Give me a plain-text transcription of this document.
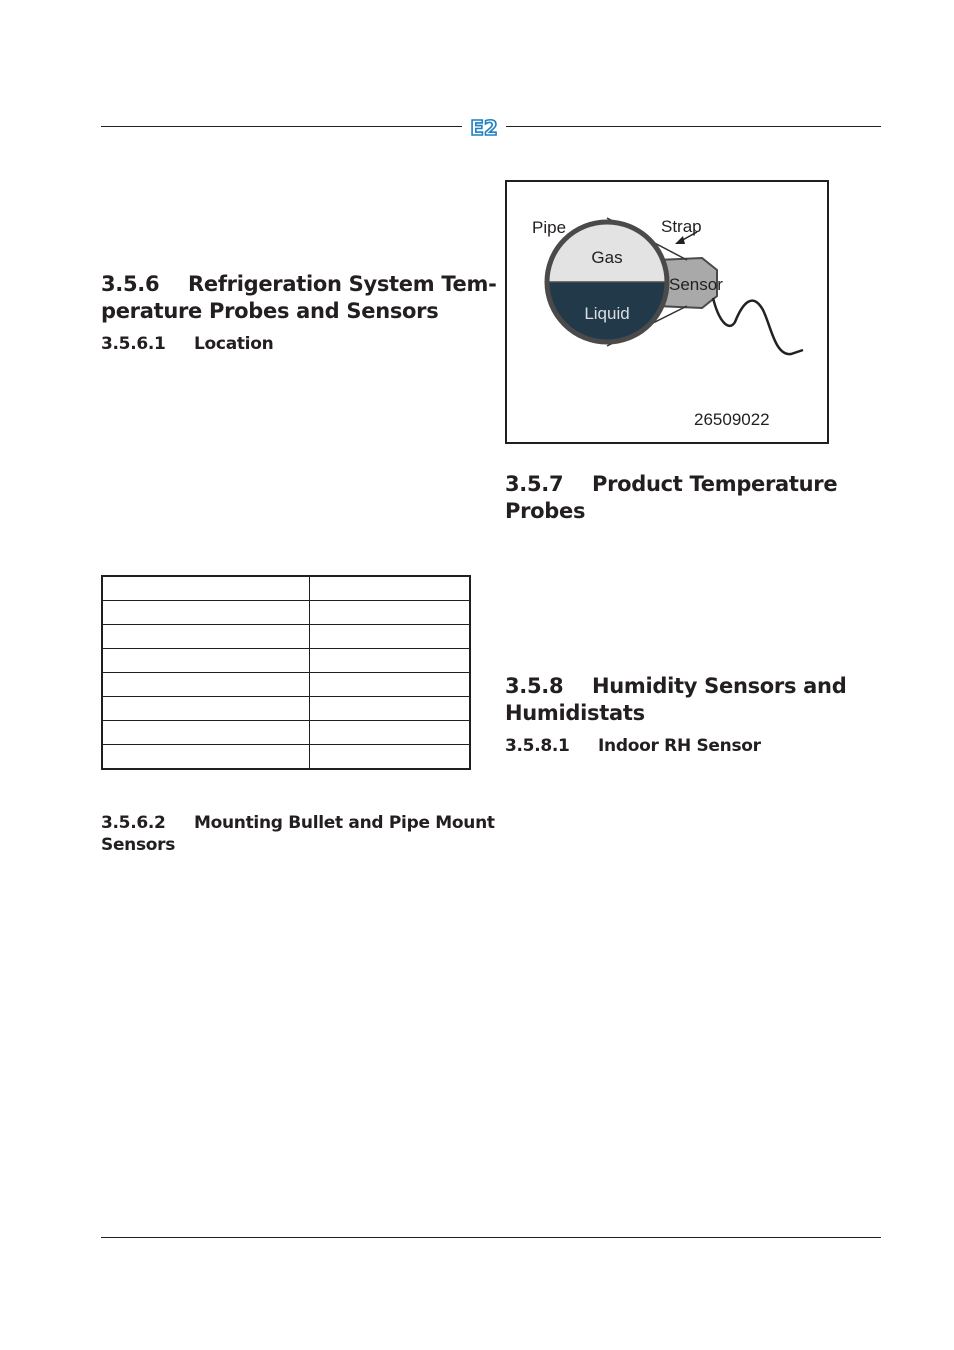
E2
3.5.6 Refrigeration System Tem-
perature Probes and Sensors
3.5.6.1 Location

3.5.6.2 Mounting Bullet and Pipe Mount
Sensors
Pipe	Strap
Gas
Sensor
Liquid
26509022
3.5.7 Product Temperature
Probes
3.5.8 Humidity Sensors and
Humidistats
3.5.8.1 Indoor RH Sensor
